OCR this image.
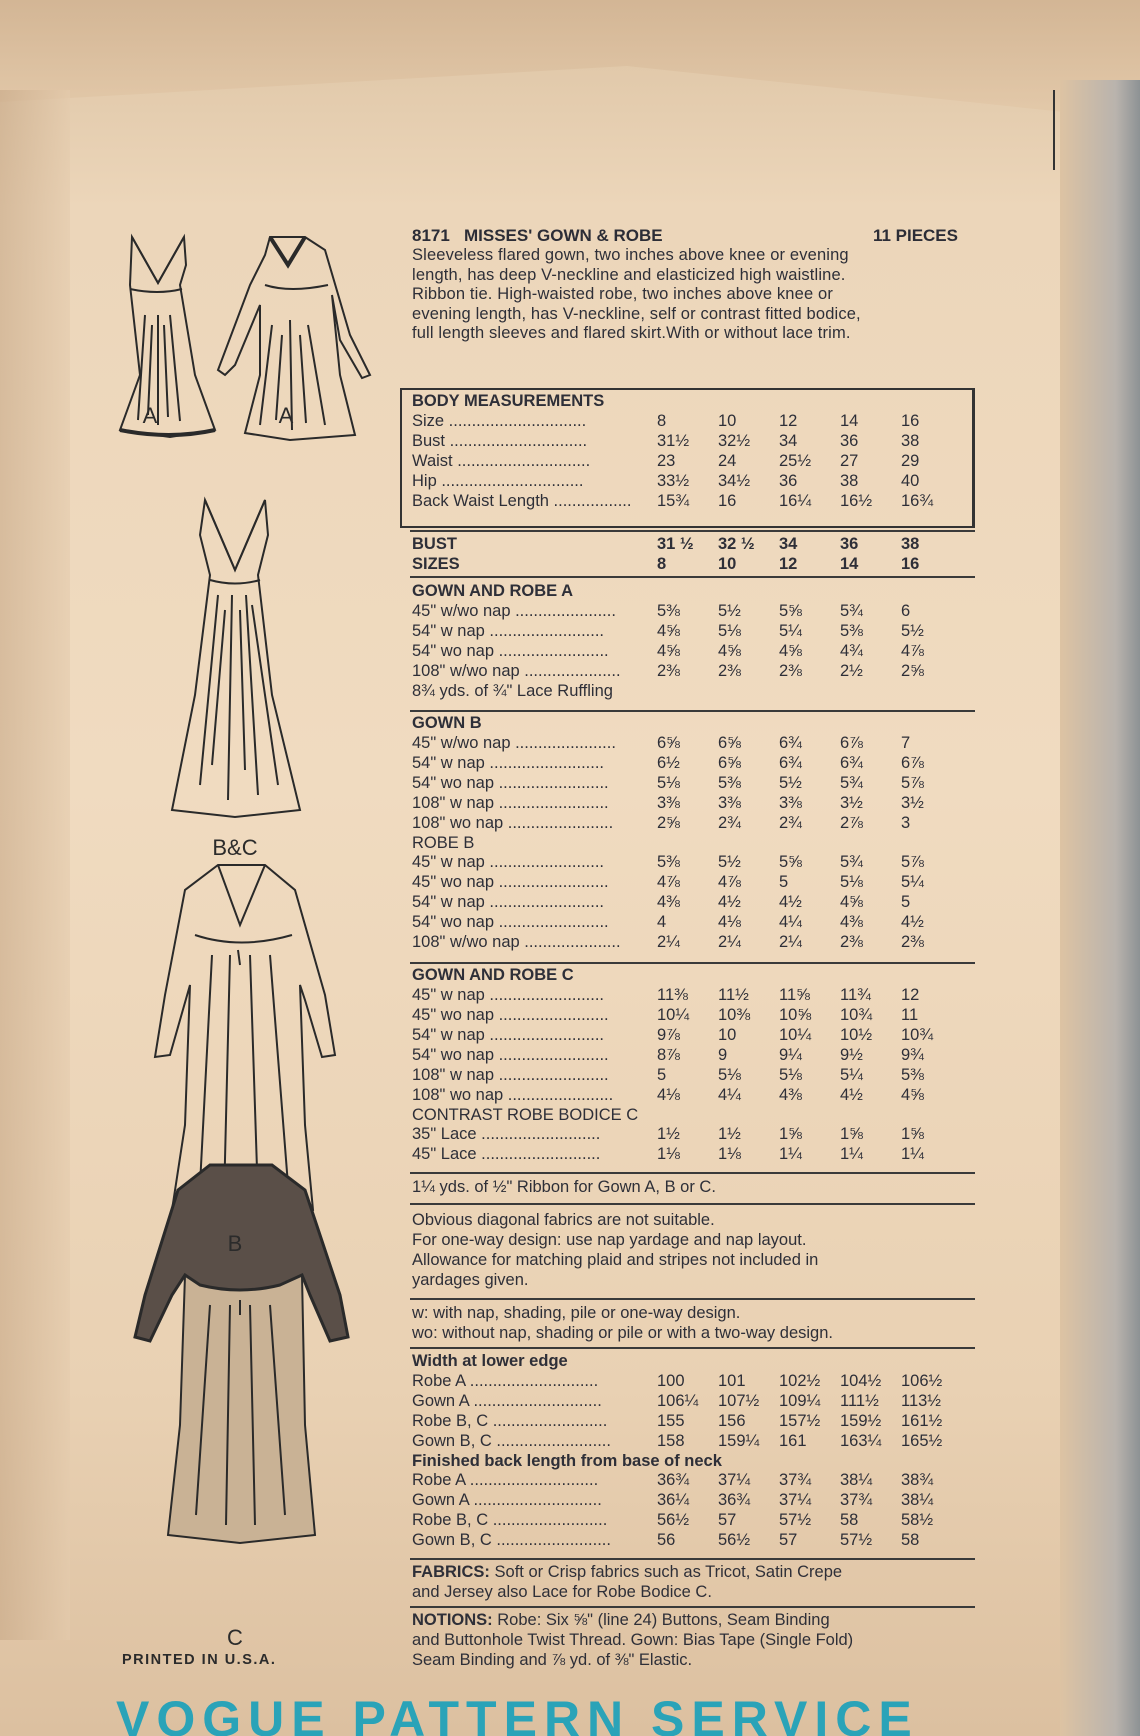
A	A
B&C
B
C
8171 MISSES' GOWN & ROBE	11 PIECES
Sleeveless flared gown, two inches above knee or evening
length, has deep V-neckline and elasticized high waistline.
Ribbon tie. High-waisted robe, two inches above knee or
evening length, has V-neckline, self or contrast fitted bodice,
full length sleeves and flared skirt.With or without lace trim.
BODY MEASUREMENTS
Size ..............................	8	10	12	14	16
Bust ..............................	31½	32½	34	36	38
Waist .............................	23	24	25½	27	29
Hip ...............................	33½	34½	36	38	40
Back Waist Length .................	15¾	16	16¼	16½	16¾
BUST	31 ½	32 ½	34	36	38
SIZES	8	10	12	14	16
GOWN AND ROBE A
45" w/wo nap ......................	5⅜	5½	5⅝	5¾	6
54" w nap .........................	4⅝	5⅛	5¼	5⅜	5½
54" wo nap ........................	4⅝	4⅝	4⅝	4¾	4⅞
108" w/wo nap .....................	2⅜	2⅜	2⅜	2½	2⅝
8¾ yds. of ¾" Lace Ruffling
GOWN B
45" w/wo nap ......................	6⅝	6⅝	6¾	6⅞	7
54" w nap .........................	6½	6⅝	6¾	6¾	6⅞
54" wo nap ........................	5⅛	5⅜	5½	5¾	5⅞
108" w nap ........................	3⅜	3⅜	3⅜	3½	3½
108" wo nap .......................	2⅝	2¾	2¾	2⅞	3
ROBE B
45" w nap .........................	5⅜	5½	5⅝	5¾	5⅞
45" wo nap ........................	4⅞	4⅞	5	5⅛	5¼
54" w nap .........................	4⅜	4½	4½	4⅝	5
54" wo nap ........................	4	4⅛	4¼	4⅜	4½
108" w/wo nap .....................	2¼	2¼	2¼	2⅜	2⅜
GOWN AND ROBE C
45" w nap .........................	11⅜	11½	11⅝	11¾	12
45" wo nap ........................	10¼	10⅜	10⅝	10¾	11
54" w nap .........................	9⅞	10	10¼	10½	10¾
54" wo nap ........................	8⅞	9	9¼	9½	9¾
108" w nap ........................	5	5⅛	5⅛	5¼	5⅜
108" wo nap .......................	4⅛	4¼	4⅜	4½	4⅝
CONTRAST ROBE BODICE C
35" Lace ..........................	1½	1½	1⅝	1⅝	1⅝
45" Lace ..........................	1⅛	1⅛	1¼	1¼	1¼
1¼ yds. of ½" Ribbon for Gown A, B or C.
Obvious diagonal fabrics are not suitable.
For one-way design: use nap yardage and nap layout.
Allowance for matching plaid and stripes not included in
yardages given.
w: with nap, shading, pile or one-way design.
wo: without nap, shading or pile or with a two-way design.
Width at lower edge
Robe A ............................	100	101	102½	104½	106½
Gown A ............................	106¼	107½	109¼	111½	113½
Robe B, C .........................	155	156	157½	159½	161½
Gown B, C .........................	158	159¼	161	163¼	165½
Finished back length from base of neck
Robe A ............................	36¾	37¼	37¾	38¼	38¾
Gown A ............................	36¼	36¾	37¼	37¾	38¼
Robe B, C .........................	56½	57	57½	58	58½
Gown B, C .........................	56	56½	57	57½	58
FABRICS: Soft or Crisp fabrics such as Tricot, Satin Crepe
and Jersey also Lace for Robe Bodice C.
NOTIONS: Robe: Six ⅝" (line 24) Buttons, Seam Binding
and Buttonhole Twist Thread. Gown: Bias Tape (Single Fold)
Seam Binding and ⅞ yd. of ⅜" Elastic.
PRINTED IN U.S.A.
VOGUE PATTERN SERVICE
